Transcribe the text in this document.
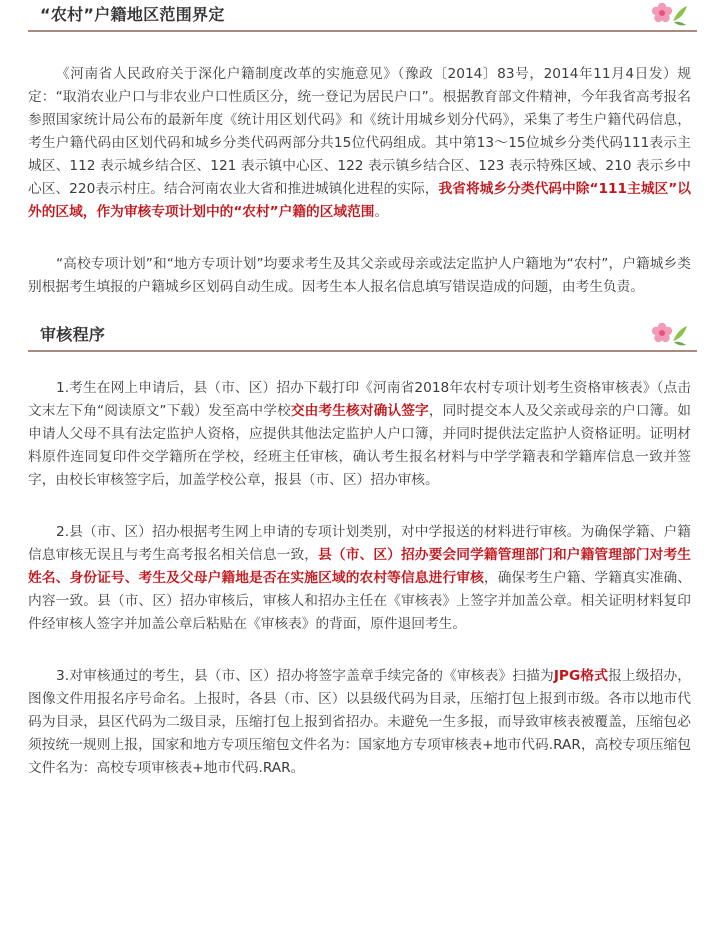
“农村”户籍地区范围界定

《河南省人民政府关于深化户籍制度改革的实施意见》（豫政〔2014〕83号，2014年11月4日发）规定：“取消农业户口与非农业户口性质区分，统一登记为居民户口”。根据教育部文件精神，今年我省高考报名参照国家统计局公布的最新年度《统计用区划代码》和《统计用城乡划分代码》，采集了考生户籍代码信息，考生户籍代码由区划代码和城乡分类代码两部分共15位代码组成。其中第13～15位城乡分类代码111表示主城区、112 表示城乡结合区、121 表示镇中心区、122 表示镇乡结合区、123 表示特殊区域、210 表示乡中心区、220表示村庄。结合河南农业大省和推进城镇化进程的实际，我省将城乡分类代码中除“111主城区”以外的区域，作为审核专项计划中的“农村”户籍的区域范围。

“高校专项计划”和“地方专项计划”均要求考生及其父亲或母亲或法定监护人户籍地为“农村”，户籍城乡类别根据考生填报的户籍城乡区划码自动生成。因考生本人报名信息填写错误造成的问题，由考生负责。

审核程序

1.考生在网上申请后，县（市、区）招办下载打印《河南省2018年农村专项计划考生资格审核表》（点击文末左下角“阅读原文”下载）发至高中学校交由考生核对确认签字，同时提交本人及父亲或母亲的户口簿。如申请人父母不具有法定监护人资格，应提供其他法定监护人户口簿，并同时提供法定监护人资格证明。证明材料原件连同复印件交学籍所在学校，经班主任审核，确认考生报名材料与中学学籍表和学籍库信息一致并签字，由校长审核签字后，加盖学校公章，报县（市、区）招办审核。

2.县（市、区）招办根据考生网上申请的专项计划类别，对中学报送的材料进行审核。为确保学籍、户籍信息审核无误且与考生高考报名相关信息一致，县（市、区）招办要会同学籍管理部门和户籍管理部门对考生姓名、身份证号、考生及父母户籍地是否在实施区域的农村等信息进行审核，确保考生户籍、学籍真实准确、内容一致。县（市、区）招办审核后，审核人和招办主任在《审核表》上签字并加盖公章。相关证明材料复印件经审核人签字并加盖公章后粘贴在《审核表》的背面，原件退回考生。

3.对审核通过的考生，县（市、区）招办将签字盖章手续完备的《审核表》扫描为JPG格式报上级招办，图像文件用报名序号命名。上报时，各县（市、区）以县级代码为目录，压缩打包上报到市级。各市以地市代码为目录，县区代码为二级目录，压缩打包上报到省招办。未避免一生多报，而导致审核表被覆盖，压缩包必须按统一规则上报，国家和地方专项压缩包文件名为：国家地方专项审核表+地市代码.RAR，高校专项压缩包文件名为：高校专项审核表+地市代码.RAR。
